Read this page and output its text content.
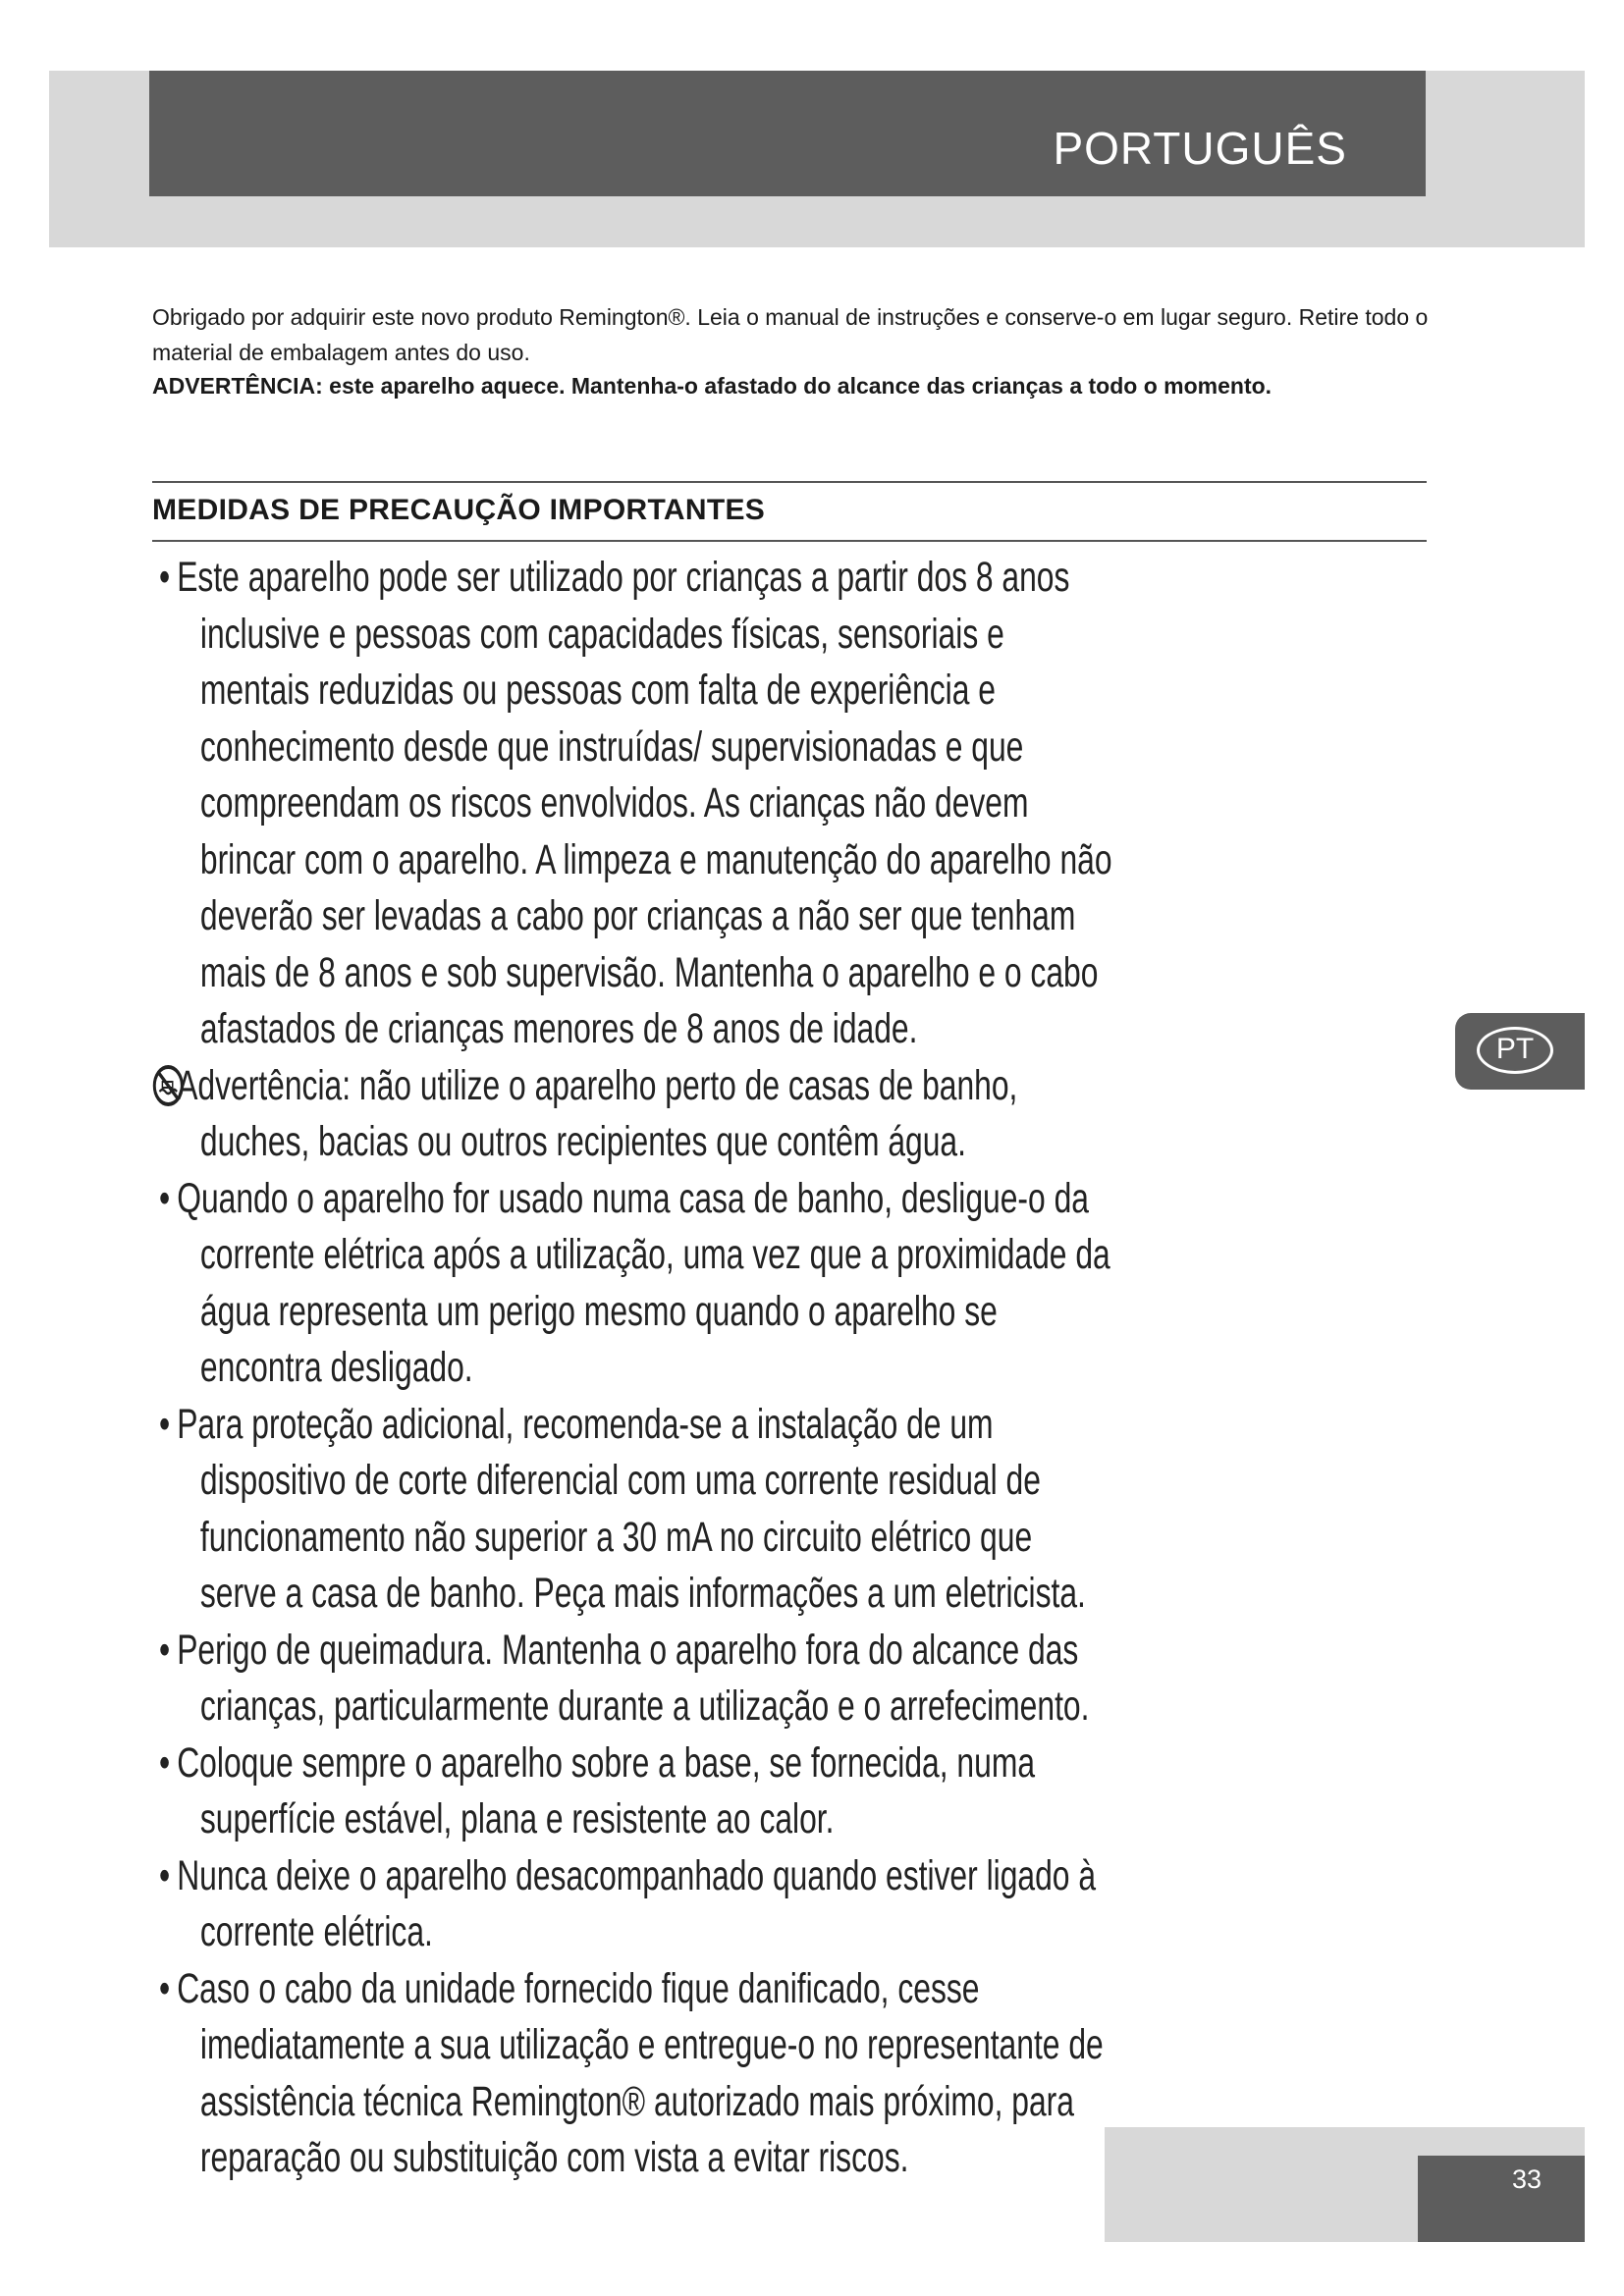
PORTUGUÊS

Obrigado por adquirir este novo produto Remington®. Leia o manual de instruções e conserve-o em lugar seguro. Retire todo o material de embalagem antes do uso.

ADVERTÊNCIA: este aparelho aquece. Mantenha-o afastado do alcance das crianças a todo o momento.

MEDIDAS DE PRECAUÇÃO IMPORTANTES
• Este aparelho pode ser utilizado por crianças a partir dos 8 anos inclusive e pessoas com capacidades físicas, sensoriais e mentais reduzidas ou pessoas com falta de experiência e conhecimento desde que instruídas/ supervisionadas e que compreendam os riscos envolvidos. As crianças não devem brincar com o aparelho. A limpeza e manutenção do aparelho não deverão ser levadas a cabo por crianças a não ser que tenham mais de 8 anos e sob supervisão. Mantenha o aparelho e o cabo afastados de crianças menores de 8 anos de idade.
Advertência: não utilize o aparelho perto de casas de banho, duches, bacias ou outros recipientes que contêm água.
• Quando o aparelho for usado numa casa de banho, desligue-o da corrente elétrica após a utilização, uma vez que a proximidade da água representa um perigo mesmo quando o aparelho se encontra desligado.
• Para proteção adicional, recomenda-se a instalação de um dispositivo de corte diferencial com uma corrente residual de funcionamento não superior a 30 mA no circuito elétrico que serve a casa de banho. Peça mais informações a um eletricista.
• Perigo de queimadura. Mantenha o aparelho fora do alcance das crianças, particularmente durante a utilização e o arrefecimento.
• Coloque sempre o aparelho sobre a base, se fornecida, numa superfície estável, plana e resistente ao calor.
• Nunca deixe o aparelho desacompanhado quando estiver ligado à corrente elétrica.
• Caso o cabo da unidade fornecido fique danificado, cesse imediatamente a sua utilização e entregue-o no representante de assistência técnica Remington® autorizado mais próximo, para reparação ou substituição com vista a evitar riscos.
PT
33
